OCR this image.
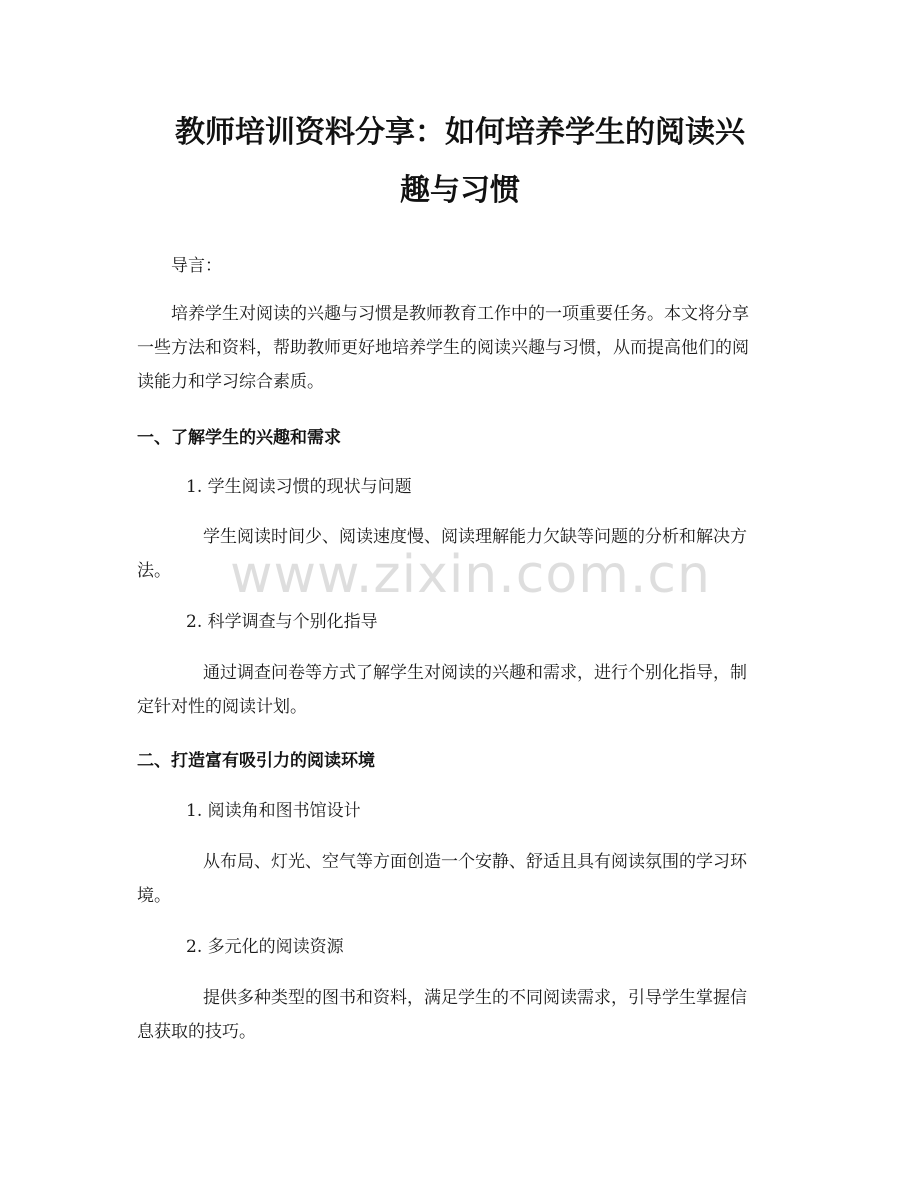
教师培训资料分享：如何培养学生的阅读兴
趣与习惯
导言：
培养学生对阅读的兴趣与习惯是教师教育工作中的一项重要任务。本文将分享
一些方法和资料，帮助教师更好地培养学生的阅读兴趣与习惯，从而提高他们的阅
读能力和学习综合素质。
一、了解学生的兴趣和需求
1. 学生阅读习惯的现状与问题
学生阅读时间少、阅读速度慢、阅读理解能力欠缺等问题的分析和解决方
法。
2. 科学调查与个别化指导
通过调查问卷等方式了解学生对阅读的兴趣和需求，进行个别化指导，制
定针对性的阅读计划。
二、打造富有吸引力的阅读环境
1. 阅读角和图书馆设计
从布局、灯光、空气等方面创造一个安静、舒适且具有阅读氛围的学习环
境。
2. 多元化的阅读资源
提供多种类型的图书和资料，满足学生的不同阅读需求，引导学生掌握信
息获取的技巧。
www.zixin.com.cn
